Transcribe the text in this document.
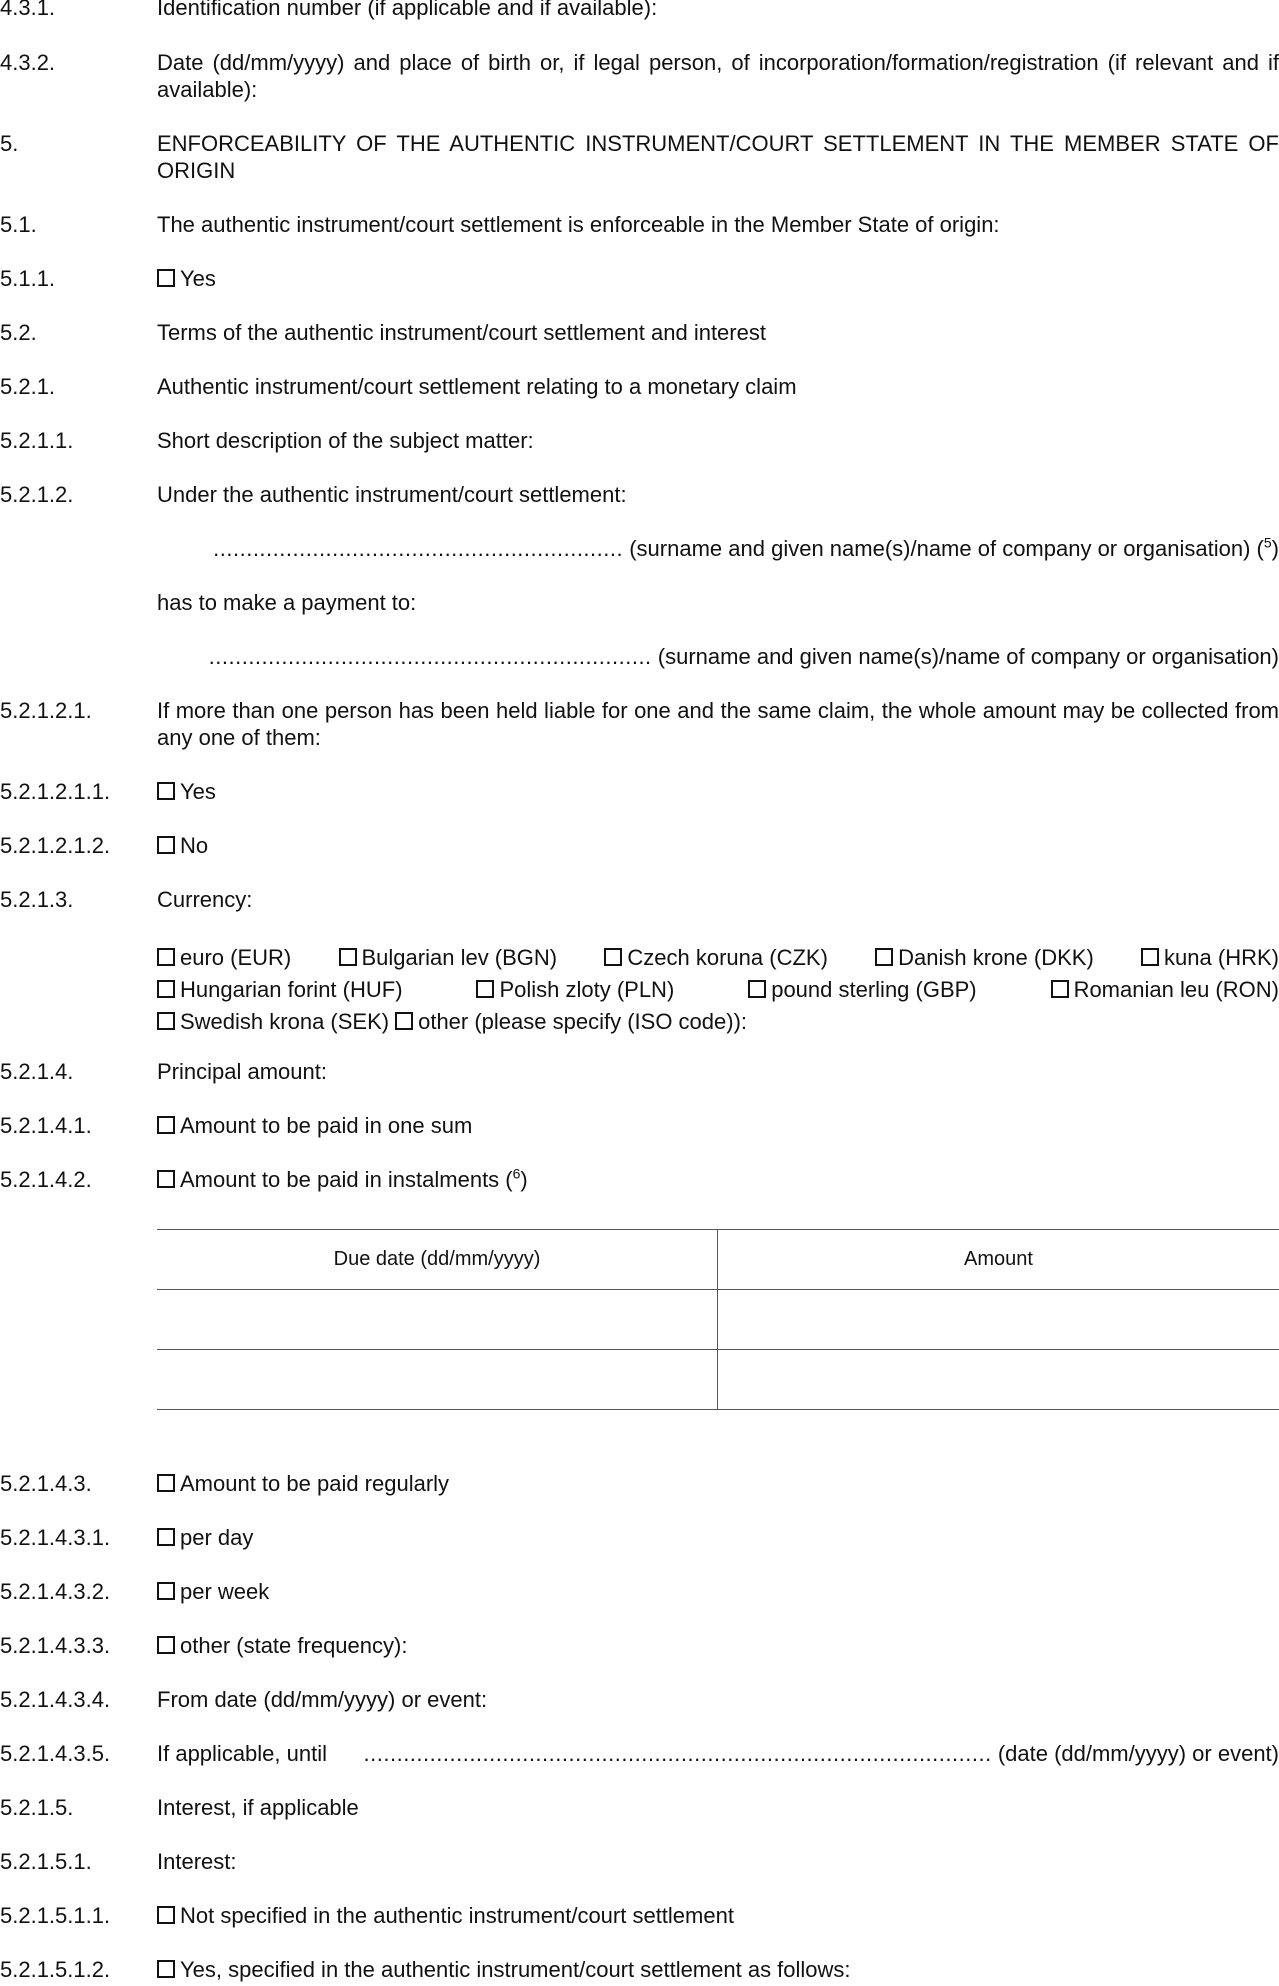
4.3.1.	Identification number (if applicable and if available):
4.3.2.	Date (dd/mm/yyyy) and place of birth or, if legal person, of incorporation/formation/registration (if relevant and if available):
5.	ENFORCEABILITY OF THE AUTHENTIC INSTRUMENT/COURT SETTLEMENT IN THE MEMBER STATE OF ORIGIN
5.1.	The authentic instrument/court settlement is enforceable in the Member State of origin:
5.1.1.	Yes
5.2.	Terms of the authentic instrument/court settlement and interest
5.2.1.	Authentic instrument/court settlement relating to a monetary claim
5.2.1.1.	Short description of the subject matter:
5.2.1.2.	Under the authentic instrument/court settlement:
.............................................................. (surname and given name(s)/name of company or organisation) ($^5$)
has to make a payment to:
................................................................... (surname and given name(s)/name of company or organisation)
5.2.1.2.1.	If more than one person has been held liable for one and the same claim, the whole amount may be collected from any one of them:
5.2.1.2.1.1.	Yes
5.2.1.2.1.2.	No
5.2.1.3.	Currency:
euro (EUR)	Bulgarian lev (BGN)	Czech koruna (CZK)	Danish krone (DKK)	kuna (HRK)
Hungarian forint (HUF)	Polish zloty (PLN)	pound sterling (GBP)	Romanian leu (RON)
Swedish krona (SEK)	other (please specify (ISO code)):
5.2.1.4.	Principal amount:
5.2.1.4.1.	Amount to be paid in one sum
5.2.1.4.2.	Amount to be paid in instalments ($^6$)
Due date (dd/mm/yyyy)	Amount

5.2.1.4.3.	Amount to be paid regularly
5.2.1.4.3.1.	per day
5.2.1.4.3.2.	per week
5.2.1.4.3.3.	other (state frequency):
5.2.1.4.3.4.	From date (dd/mm/yyyy) or event:
5.2.1.4.3.5.	If applicable, until ............................................................................................... (date (dd/mm/yyyy) or event)
5.2.1.5.	Interest, if applicable
5.2.1.5.1.	Interest:
5.2.1.5.1.1.	Not specified in the authentic instrument/court settlement
5.2.1.5.1.2.	Yes, specified in the authentic instrument/court settlement as follows:
